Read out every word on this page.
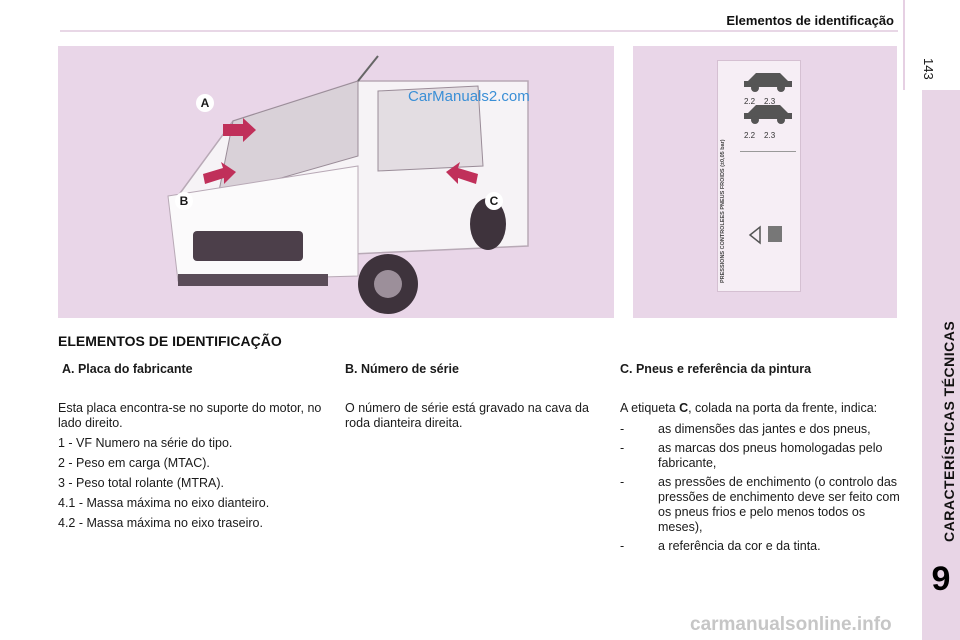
Elementos de identificação
143
CARACTERÍSTICAS TÉCNICAS
9
A
B	C
CarManuals2.com
PRESSIONS CONTROLEES PNEUS FROIDS (±0,05 bar)
2.2 2.3
2.2 2.3
ELEMENTOS DE IDENTIFICAÇÃO
A. Placa do fabricante

Esta placa encontra-se no suporte do motor, no lado direito.

1 - VF Numero na série do tipo.

2 - Peso em carga (MTAC).

3 - Peso total rolante (MTRA).

4.1 - Massa máxima no eixo dianteiro.

4.2 - Massa máxima no eixo traseiro.

B. Número de série

O número de série está gravado na cava da roda dianteira direita.

C. Pneus e referência da pintura

A etiqueta C, colada na porta da frente, indica:

-	as dimensões das jantes e dos pneus,
-	as marcas dos pneus homologadas pelo fabricante,
-	as pressões de enchimento (o controlo das pressões de enchimento deve ser feito com os pneus frios e pelo menos todos os meses),
-	a referência da cor e da tinta.
carmanualsonline.info
